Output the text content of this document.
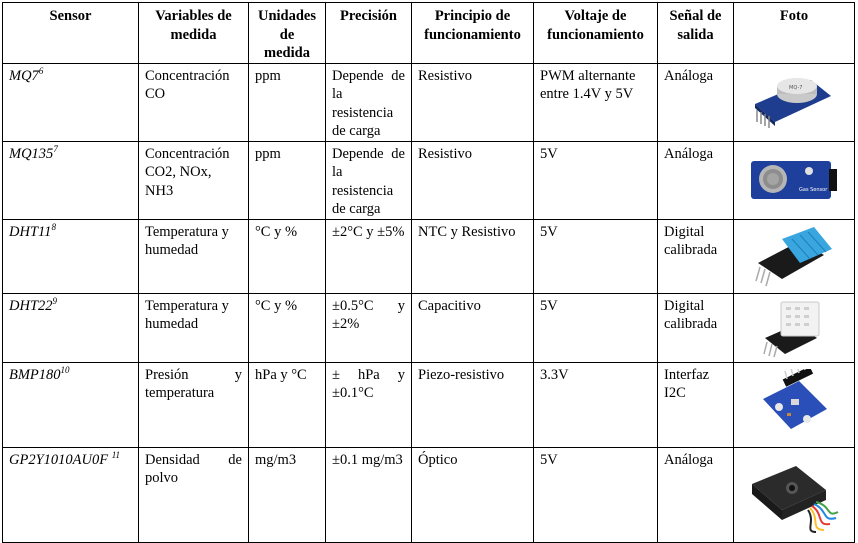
Sensor	Variables de medida	Unidades de medida	Precisión	Principio de funcionamiento	Voltaje de funcionamiento	Señal de salida	Foto
$MQ7^6$	Concentración CO	ppm	Depende de la resistencia de carga	Resistivo	PWM alternante entre 1.4V y 5V	Análoga	MQ-7

$MQ135^7$	Concentración CO2, NOx, NH3	ppm	Depende de la resistencia de carga	Resistivo	5V	Análoga	Gas Sensor

$DHT11^8$	Temperatura y humedad	°C y %	±2°C y ±5%	NTC y Resistivo	5V	Digital calibrada	

$DHT22^9$	Temperatura y humedad	°C y %	±0.5°C y ±2%	Capacitivo	5V	Digital calibrada	

$BMP180^{10}$	Presión y temperatura	hPa y °C	± hPa y ±0.1°C	Piezo-resistivo	3.3V	Interfaz I2C	

GP2Y1010AU0F $^{11}$	Densidad de polvo	mg/m3	±0.1 mg/m3	Óptico	5V	Análoga	
